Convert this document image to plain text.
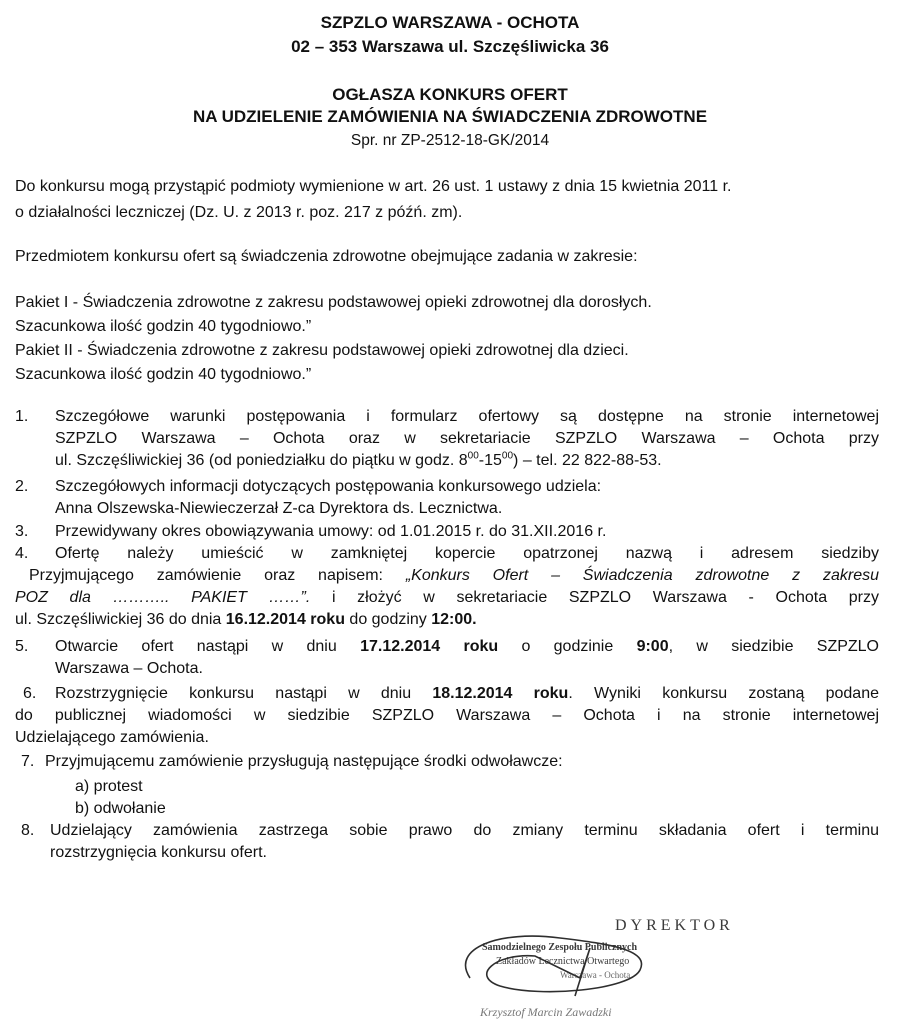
SZPZLO WARSZAWA - OCHOTA
02 – 353 Warszawa ul. Szczęśliwicka 36
OGŁASZA KONKURS OFERT
NA UDZIELENIE ZAMÓWIENIA NA ŚWIADCZENIA ZDROWOTNE
Spr. nr ZP-2512-18-GK/2014
Do konkursu mogą przystąpić podmioty wymienione w art. 26 ust. 1 ustawy z dnia 15 kwietnia 2011 r.
o działalności leczniczej (Dz. U. z 2013 r. poz. 217 z późń. zm).
Przedmiotem konkursu ofert są świadczenia zdrowotne obejmujące zadania w zakresie:
Pakiet I - Świadczenia zdrowotne z zakresu podstawowej opieki zdrowotnej dla dorosłych.
Szacunkowa ilość godzin 40 tygodniowo.”
Pakiet II - Świadczenia zdrowotne z zakresu podstawowej opieki zdrowotnej dla dzieci.
Szacunkowa ilość godzin 40 tygodniowo.”
1. Szczegółowe warunki postępowania i formularz ofertowy są dostępne na stronie internetowej
SZPZLO Warszawa – Ochota oraz w sekretariacie SZPZLO Warszawa – Ochota przy
ul. Szczęśliwickiej 36 (od poniedziałku do piątku w godz. $8^{00}-15^{00}$) – tel. 22 822-88-53.
2. Szczegółowych informacji dotyczących postępowania konkursowego udziela:
Anna Olszewska-Niewieczerzał Z-ca Dyrektora ds. Lecznictwa.
3.	Przewidywany okres obowiązywania umowy: od 1.01.2015 r. do 31.XII.2016 r.
4.	Ofertę należy umieścić w zamkniętej kopercie opatrzonej nazwą i adresem siedziby
Przyjmującego zamówienie oraz napisem: „Konkurs Ofert – Świadczenia zdrowotne z zakresu
POZ dla ……….. PAKIET ……”. i złożyć w sekretariacie SZPZLO Warszawa - Ochota przy
ul. Szczęśliwickiej 36 do dnia 16.12.2014 roku do godziny 12:00.
5. Otwarcie ofert nastąpi w dniu 17.12.2014 roku o godzinie 9:00, w siedzibie SZPZLO
Warszawa – Ochota.
6.	Rozstrzygnięcie konkursu nastąpi w dniu 18.12.2014 roku. Wyniki konkursu zostaną podane
do publicznej wiadomości w siedzibie SZPZLO Warszawa – Ochota i na stronie internetowej
Udzielającego zamówienia.
7. Przyjmującemu zamówienie przysługują następujące środki odwoławcze:
a) protest
b) odwołanie
8. Udzielający zamówienia zastrzega sobie prawo do zmiany terminu składania ofert i terminu
rozstrzygnięcia konkursu ofert.
DYREKTOR
Samodzielnego Zespołu Publicznych
Zakładów Lecznictwa Otwartego
Warszawa - Ochota
Krzysztof Marcin Zawadzki
